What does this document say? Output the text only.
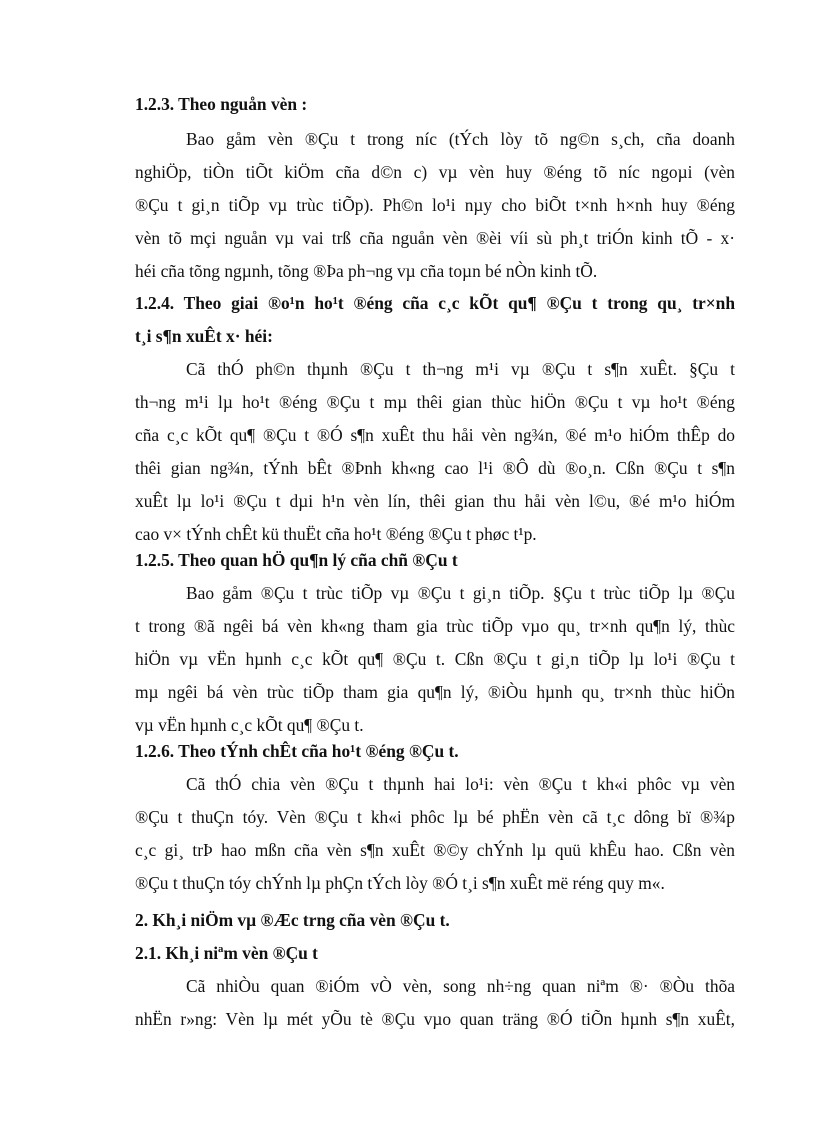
1.2.3. Theo nguån vèn :
Bao gåm vèn ®Çu t trong níc (tÝch lòy tõ ng©n s¸ch, cña doanh
nghiÖp, tiÒn tiÕt kiÖm cña d©n c) vµ vèn huy ®éng tõ níc ngoµi (vèn
®Çu t gi¸n tiÕp vµ trùc tiÕp). Ph©n lo¹i nµy cho biÕt t×nh h×nh huy ®éng
vèn tõ mçi nguån vµ vai trß cña nguån vèn ®èi víi sù ph¸t triÓn kinh tÕ - x·
héi cña tõng ngµnh, tõng ®Þa ph¬ng vµ cña toµn bé nÒn kinh tÕ.
1.2.4. Theo giai ®o¹n ho¹t ®éng cña c¸c kÕt qu¶ ®Çu t trong qu¸ tr×nh
t¸i s¶n xuÊt x· héi:
Cã thÓ ph©n thµnh ®Çu t th¬ng m¹i vµ ®Çu t s¶n xuÊt. §Çu t
th¬ng m¹i lµ ho¹t ®éng ®Çu t mµ thêi gian thùc hiÖn ®Çu t vµ ho¹t ®éng
cña c¸c kÕt qu¶ ®Çu t ®Ó s¶n xuÊt thu håi vèn ng¾n, ®é m¹o hiÓm thÊp do
thêi gian ng¾n, tÝnh bÊt ®Þnh kh«ng cao l¹i ®Ô dù ®o¸n. Cßn ®Çu t s¶n
xuÊt lµ lo¹i ®Çu t dµi h¹n vèn lín, thêi gian thu håi vèn l©u, ®é m¹o hiÓm
cao v× tÝnh chÊt kü thuËt cña ho¹t ®éng ®Çu t phøc t¹p.
1.2.5. Theo quan hÖ qu¶n lý cña chñ ®Çu t
Bao gåm ®Çu t trùc tiÕp vµ ®Çu t gi¸n tiÕp. §Çu t trùc tiÕp lµ ®Çu
t trong ®ã ngêi bá vèn kh«ng tham gia trùc tiÕp vµo qu¸ tr×nh qu¶n lý, thùc
hiÖn vµ vËn hµnh c¸c kÕt qu¶ ®Çu t. Cßn ®Çu t gi¸n tiÕp lµ lo¹i ®Çu t
mµ ngêi bá vèn trùc tiÕp tham gia qu¶n lý, ®iÒu hµnh qu¸ tr×nh thùc hiÖn
vµ vËn hµnh c¸c kÕt qu¶ ®Çu t.
1.2.6. Theo tÝnh chÊt cña ho¹t ®éng ®Çu t.
Cã thÓ chia vèn ®Çu t thµnh hai lo¹i: vèn ®Çu t kh«i phôc vµ vèn
®Çu t thuÇn tóy. Vèn ®Çu t kh«i phôc lµ bé phËn vèn cã t¸c dông bï ®¾p
c¸c gi¸ trÞ hao mßn cña vèn s¶n xuÊt ®©y chÝnh lµ quü khÊu hao. Cßn vèn
®Çu t thuÇn tóy chÝnh lµ phÇn tÝch lòy ®Ó t¸i s¶n xuÊt më réng quy m«.
2. Kh¸i niÖm vµ ®Æc trng cña vèn ®Çu t.
2.1. Kh¸i niªm vèn ®Çu t
Cã nhiÒu quan ®iÓm vÒ vèn, song nh÷ng quan niªm ®· ®Òu thõa
nhËn r»ng: Vèn lµ mét yÕu tè ®Çu vµo quan träng ®Ó tiÕn hµnh s¶n xuÊt,
